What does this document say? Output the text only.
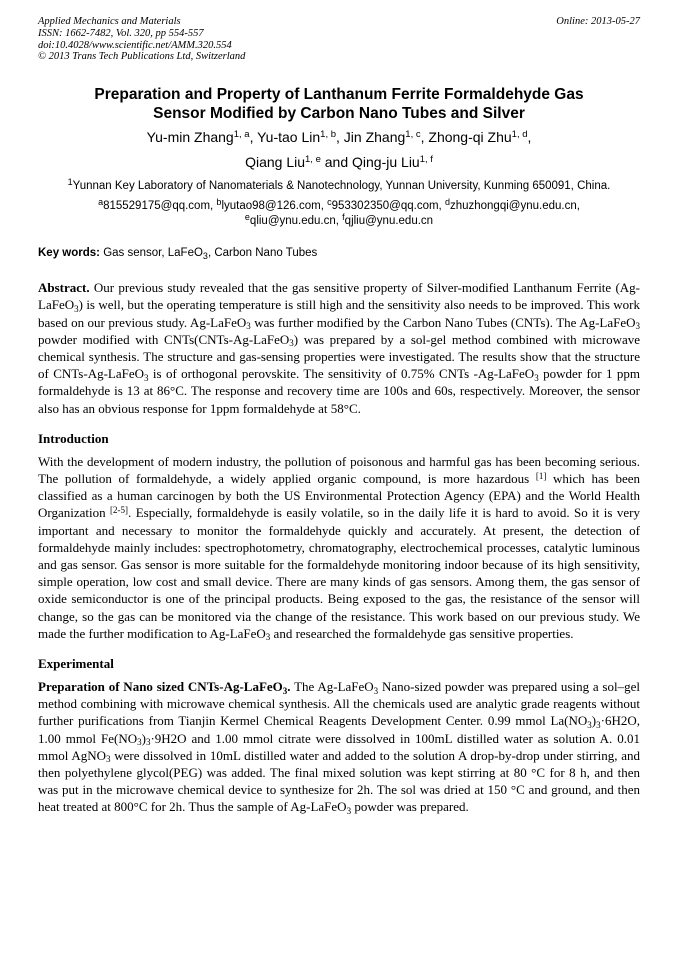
Applied Mechanics and Materials
ISSN: 1662-7482, Vol. 320, pp 554-557
doi:10.4028/www.scientific.net/AMM.320.554
© 2013 Trans Tech Publications Ltd, Switzerland
Online: 2013-05-27
Preparation and Property of Lanthanum Ferrite Formaldehyde Gas
Sensor Modified by Carbon Nano Tubes and Silver
Yu-min Zhang$^{1, a}$, Yu-tao Lin$^{1, b}$, Jin Zhang$^{1, c}$, Zhong-qi Zhu$^{1, d}$,
Qiang Liu$^{1, e}$ and Qing-ju Liu$^{1, f}$
$^1$Yunnan Key Laboratory of Nanomaterials & Nanotechnology, Yunnan University, Kunming 650091, China.
$^a$815529175@qq.com, $^b$lyutao98@126.com, $^c$953302350@qq.com, $^d$zhuzhongqi@ynu.edu.cn,
$^e$qliu@ynu.edu.cn, $^f$qjliu@ynu.edu.cn
Key words: Gas sensor, LaFeO$_3$, Carbon Nano Tubes

Abstract. Our previous study revealed that the gas sensitive property of Silver-modified Lanthanum Ferrite (Ag-LaFeO$_3$) is well, but the operating temperature is still high and the sensitivity also needs to be improved. This work based on our previous study. Ag-LaFeO$_3$ was further modified by the Carbon Nano Tubes (CNTs). The Ag-LaFeO$_3$ powder modified with CNTs(CNTs-Ag-LaFeO$_3$) was prepared by a sol-gel method combined with microwave chemical synthesis. The structure and gas-sensing properties were investigated. The results show that the structure of CNTs-Ag-LaFeO$_3$ is of orthogonal perovskite. The sensitivity of 0.75% CNTs -Ag-LaFeO$_3$ powder for 1 ppm formaldehyde is 13 at 86°C. The response and recovery time are 100s and 60s, respectively. Moreover, the sensor also has an obvious response for 1ppm formaldehyde at 58°C.

Introduction

With the development of modern industry, the pollution of poisonous and harmful gas has been becoming serious. The pollution of formaldehyde, a widely applied organic compound, is more hazardous [1] which has been classified as a human carcinogen by both the US Environmental Protection Agency (EPA) and the World Health Organization [2-5]. Especially, formaldehyde is easily volatile, so in the daily life it is hard to avoid. So it is very important and necessary to monitor the formaldehyde quickly and accurately. At present, the detection of formaldehyde mainly includes: spectrophotometry, chromatography, electrochemical processes, catalytic luminous and gas sensor. Gas sensor is more suitable for the formaldehyde monitoring indoor because of its high sensitivity, simple operation, low cost and small device. There are many kinds of gas sensors. Among them, the gas sensor of oxide semiconductor is one of the principal products. Being exposed to the gas, the resistance of the sensor will change, so the gas can be monitored via the change of the resistance. This work based on our previous study. We made the further modification to Ag-LaFeO$_3$ and researched the formaldehyde gas sensitive properties.

Experimental

Preparation of Nano sized CNTs-Ag-LaFeO$_3$. The Ag-LaFeO$_3$ Nano-sized powder was prepared using a sol–gel method combining with microwave chemical synthesis. All the chemicals used are analytic grade reagents without further purifications from Tianjin Kermel Chemical Reagents Development Center. 0.99 mmol $La(NO_3)_3\cdot 6H2O$, 1.00 mmol $Fe(NO_3)_3\cdot 9H2O$ and 1.00 mmol citrate were dissolved in 100mL distilled water as solution A. 0.01 mmol AgNO$_3$ were dissolved in 10mL distilled water and added to the solution A drop-by-drop under stirring, and then polyethylene glycol(PEG) was added. The final mixed solution was kept stirring at 80 °C for 8 h, and then was put in the microwave chemical device to synthesize for 2h. The sol was dried at 150 °C and ground, and then heat treated at 800°C for 2h. Thus the sample of Ag-LaFeO$_3$ powder was prepared.
